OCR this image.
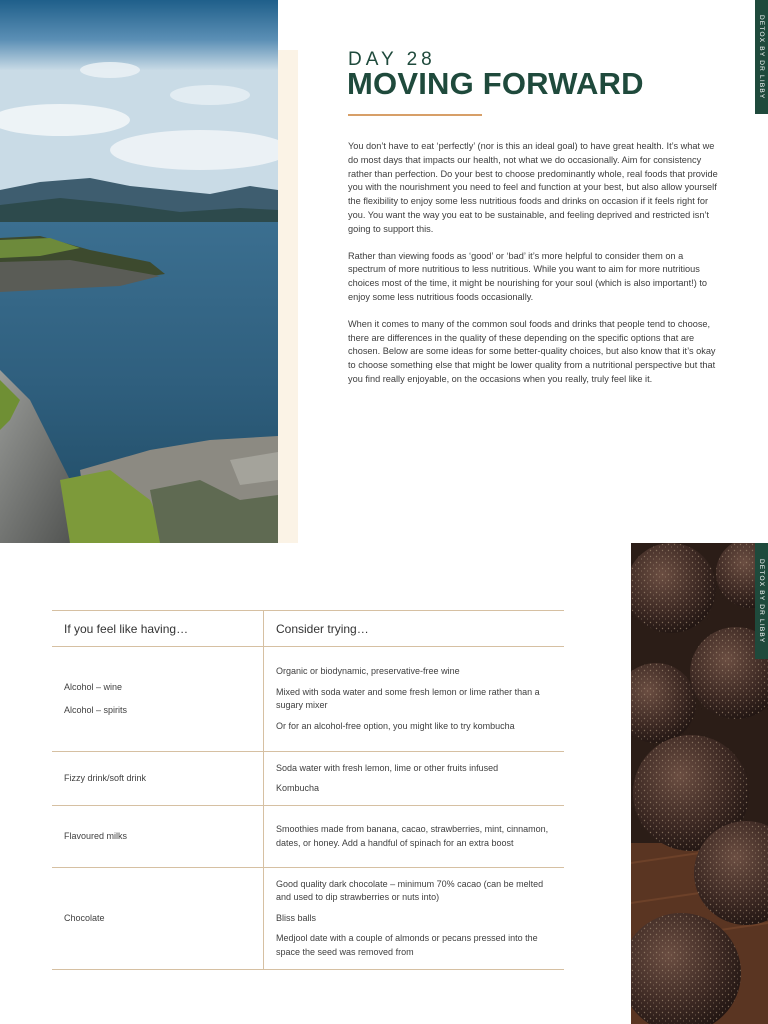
DETOX BY DR LIBBY
DAY 28
MOVING FORWARD

You don’t have to eat ‘perfectly’ (nor is this an ideal goal) to have great health. It’s what we do most days that impacts our health, not what we do occasionally. Aim for consistency rather than perfection. Do your best to choose predominantly whole, real foods that provide you with the nourishment you need to feel and function at your best, but also allow yourself the flexibility to enjoy some less nutritious foods and drinks on occasion if it feels right for you. You want the way you eat to be sustainable, and feeling deprived and restricted isn’t going to support this.

Rather than viewing foods as ‘good’ or ‘bad’ it’s more helpful to consider them on a spectrum of more nutritious to less nutritious. While you want to aim for more nutritious choices most of the time, it might be nourishing for your soul (which is also important!) to enjoy some less nutritious foods occasionally.

When it comes to many of the common soul foods and drinks that people tend to choose, there are differences in the quality of these depending on the specific options that are chosen. Below are some ideas for some better-quality choices, but also know that it’s okay to choose something else that might be lower quality from a nutritional perspective but that you find really enjoyable, on the occasions when you really, truly feel like it.

If you feel like having…	Consider trying…
Alcohol – wine
Alcohol – spirits
Organic or biodynamic, preservative-free wine
Mixed with soda water and some fresh lemon or lime rather than a sugary mixer
Or for an alcohol-free option, you might like to try kombucha
Fizzy drink/soft drink
Soda water with fresh lemon, lime or other fruits infused
Kombucha
Flavoured milks
Smoothies made from banana, cacao, strawberries, mint, cinnamon, dates, or honey. Add a handful of spinach for an extra boost
Chocolate
Good quality dark chocolate – minimum 70% cacao (can be melted and used to dip strawberries or nuts into)
Bliss balls
Medjool date with a couple of almonds or pecans pressed into the space the seed was removed from
DETOX BY DR LIBBY
